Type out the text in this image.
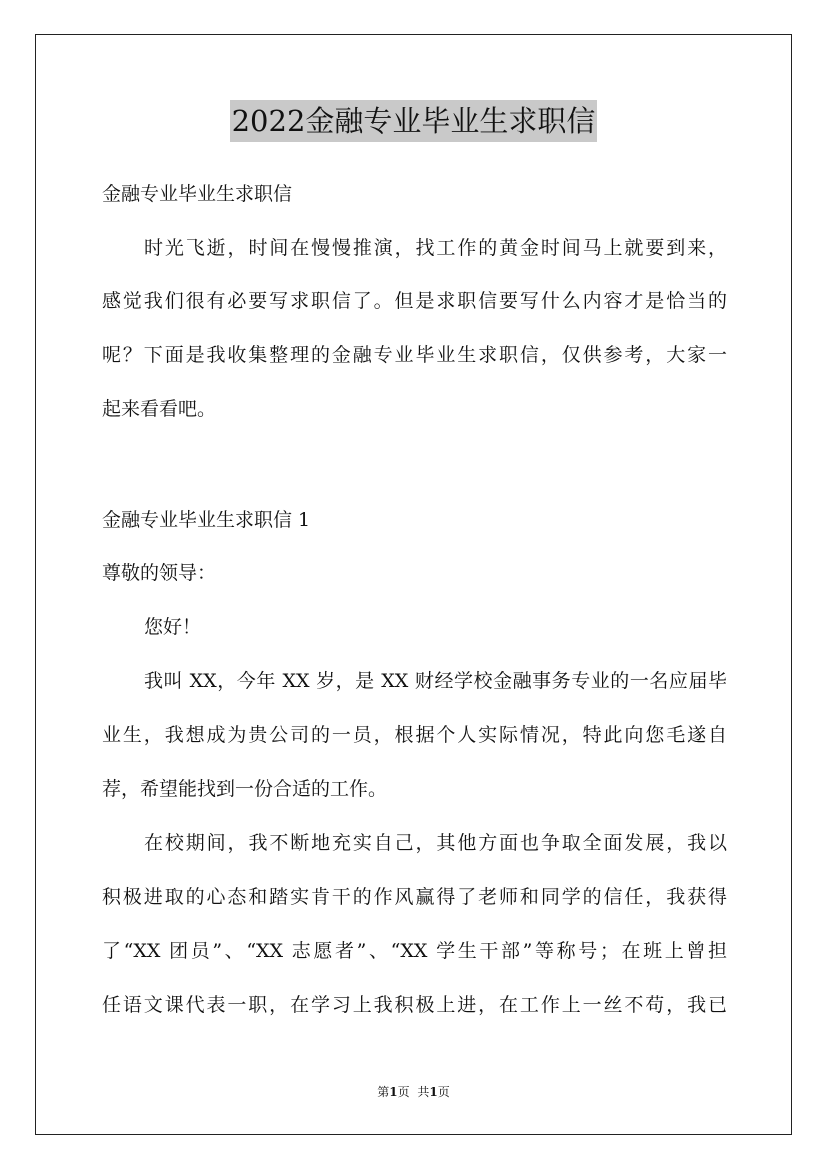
2022金融专业毕业生求职信
金融专业毕业生求职信
时光飞逝，时间在慢慢推演，找工作的黄金时间马上就要到来，
感觉我们很有必要写求职信了。但是求职信要写什么内容才是恰当的
呢？下面是我收集整理的金融专业毕业生求职信，仅供参考，大家一
起来看看吧。
金融专业毕业生求职信 1
尊敬的领导：
您好！
我叫 XX，今年 XX 岁，是 XX 财经学校金融事务专业的一名应届毕
业生，我想成为贵公司的一员，根据个人实际情况，特此向您毛遂自
荐，希望能找到一份合适的工作。
在校期间，我不断地充实自己，其他方面也争取全面发展，我以
积极进取的心态和踏实肯干的作风赢得了老师和同学的信任，我获得
了“XX 团员”、“XX 志愿者”、“XX 学生干部”等称号；在班上曾担
任语文课代表一职，在学习上我积极上进，在工作上一丝不苟，我已
第1页 共1页
